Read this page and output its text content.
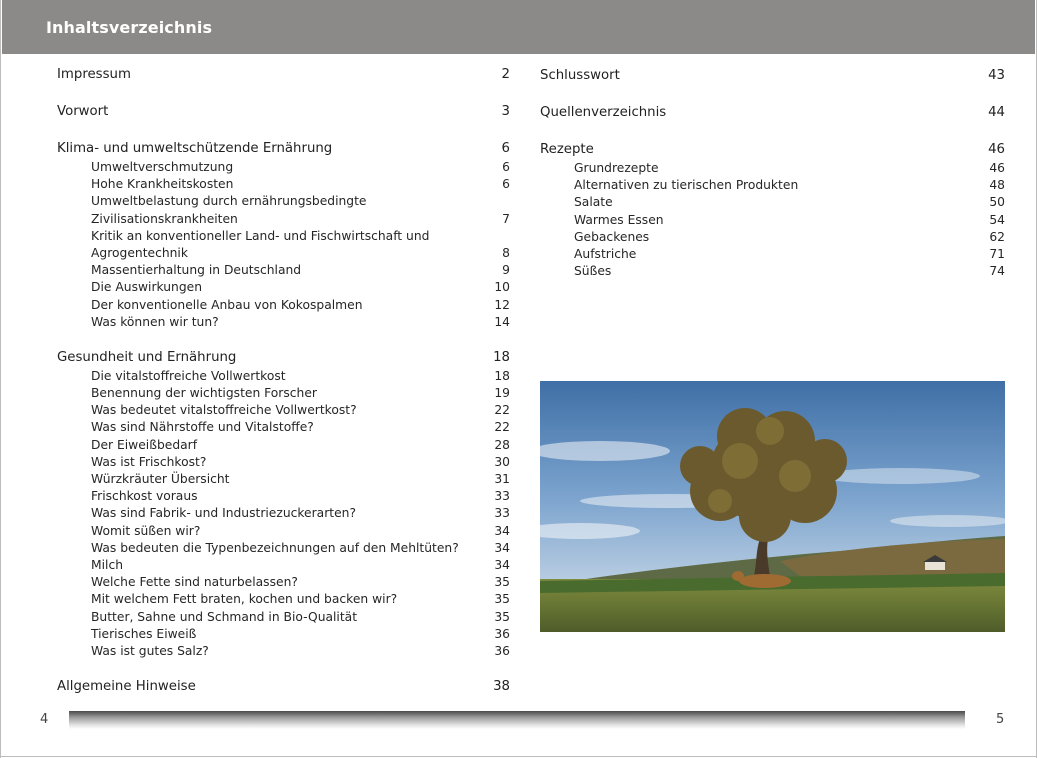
Inhaltsverzeichnis
Impressum	2
Vorwort	3
Klima- und umweltschützende Ernährung	6
Umweltverschmutzung	6
Hohe Krankheitskosten	6
Umweltbelastung durch ernährungsbedingte
Zivilisationskrankheiten	7
Kritik an konventioneller Land- und Fischwirtschaft und
Agrogentechnik	8
Massentierhaltung in Deutschland	9
Die Auswirkungen	10
Der konventionelle Anbau von Kokospalmen	12
Was können wir tun?	14
Gesundheit und Ernährung	18
Die vitalstoffreiche Vollwertkost	18
Benennung der wichtigsten Forscher	19
Was bedeutet vitalstoffreiche Vollwertkost?	22
Was sind Nährstoffe und Vitalstoffe?	22
Der Eiweißbedarf	28
Was ist Frischkost?	30
Würzkräuter Übersicht	31
Frischkost voraus	33
Was sind Fabrik- und Industriezuckerarten?	33
Womit süßen wir?	34
Was bedeuten die Typenbezeichnungen auf den Mehltüten?	34
Milch	34
Welche Fette sind naturbelassen?	35
Mit welchem Fett braten, kochen und backen wir?	35
Butter, Sahne und Schmand in Bio-Qualität	35
Tierisches Eiweiß	36
Was ist gutes Salz?	36
Allgemeine Hinweise	38
Schlusswort	43
Quellenverzeichnis	44
Rezepte	46
Grundrezepte	46
Alternativen zu tierischen Produkten	48
Salate	50
Warmes Essen	54
Gebackenes	62
Aufstriche	71
Süßes	74
4	5
